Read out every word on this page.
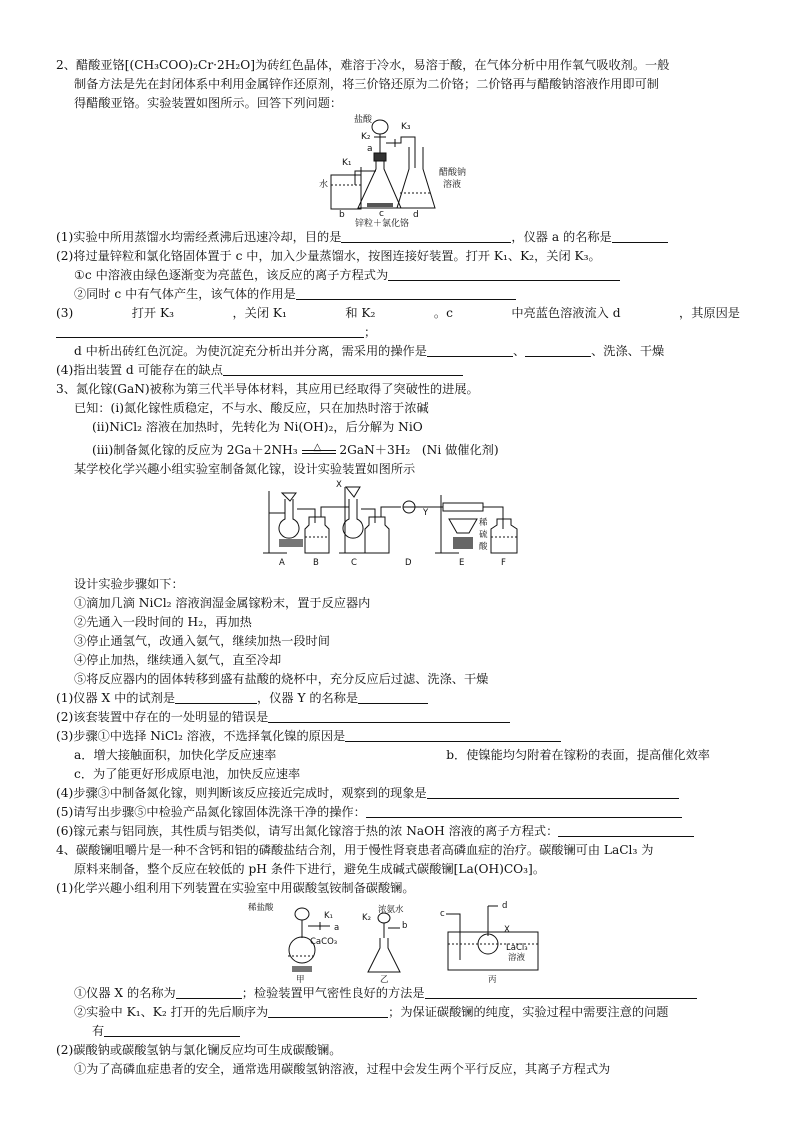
2、醋酸亚铬[(CH₃COO)₂Cr·2H₂O]为砖红色晶体，难溶于冷水，易溶于酸，在气体分析中用作氧气吸收剂。一般

制备方法是先在封闭体系中利用金属锌作还原剂，将三价铬还原为二价铬；二价铬再与醋酸钠溶液作用即可制

得醋酸亚铬。实验装置如图所示。回答下列问题：

盐酸
K₂
K₃
a
K₁
水
b	c
锌粒＋氯化铬
醋酸钠
溶液
d

(1)实验中所用蒸馏水均需经煮沸后迅速冷却，目的是	，仪器 a 的名称是

(2)将过量锌粒和氯化铬固体置于 c 中，加入少量蒸馏水，按图连接好装置。打开 K₁、K₂，关闭 K₃。

①c 中溶液由绿色逐渐变为亮蓝色，该反应的离子方程式为

②同时 c 中有气体产生，该气体的作用是

(3)	打开 K₃	，关闭 K₁	和 K₂	。c	中亮蓝色溶液流入 d	，其原因是

；

d 中析出砖红色沉淀。为使沉淀充分析出并分离，需采用的操作是	、	、洗涤、干燥

(4)指出装置 d 可能存在的缺点

3、氮化镓(GaN)被称为第三代半导体材料，其应用已经取得了突破性的进展。

已知：(ⅰ)氮化镓性质稳定，不与水、酸反应，只在加热时溶于浓碱

(ⅱ)NiCl₂ 溶液在加热时，先转化为 Ni(OH)₂，后分解为 NiO

(ⅲ)制备氮化镓的反应为 2Ga＋2NH₃ △ 2GaN＋3H₂ (Ni 做催化剂)

某学校化学兴趣小组实验室制备氮化镓，设计实验装置如图所示

A	B
X
C
Y
D	E
稀
硫
酸
F

设计实验步骤如下：

①滴加几滴 NiCl₂ 溶液润湿金属镓粉末，置于反应器内

②先通入一段时间的 H₂，再加热

③停止通氢气，改通入氨气，继续加热一段时间

④停止加热，继续通入氨气，直至冷却

⑤将反应器内的固体转移到盛有盐酸的烧杯中，充分反应后过滤、洗涤、干燥

(1)仪器 X 中的试剂是	，仪器 Y 的名称是

(2)该套装置中存在的一处明显的错误是

(3)步骤①中选择 NiCl₂ 溶液，不选择氧化镍的原因是

a．增大接触面积，加快化学反应速率	b．使镍能均匀附着在镓粉的表面，提高催化效率

c．为了能更好形成原电池，加快反应速率

(4)步骤③中制备氮化镓，则判断该反应接近完成时，观察到的现象是

(5)请写出步骤⑤中检验产品氮化镓固体洗涤干净的操作：

(6)镓元素与铝同族，其性质与铝类似，请写出氮化镓溶于热的浓 NaOH 溶液的离子方程式：

4、碳酸镧咀嚼片是一种不含钙和铝的磷酸盐结合剂，用于慢性肾衰患者高磷血症的治疗。碳酸镧可由 LaCl₃ 为

原料来制备，整个反应在较低的 pH 条件下进行，避免生成碱式碳酸镧[La(OH)CO₃]。

(1)化学兴趣小组利用下列装置在实验室中用碳酸氢铵制备碳酸镧。

稀盐酸
K₁
a
CaCO₃
甲
浓氨水
K₂
b
乙
c
d
X
LaCl₃
溶液
丙

①仪器 X 的名称为	；检验装置甲气密性良好的方法是

②实验中 K₁、K₂ 打开的先后顺序为	；为保证碳酸镧的纯度，实验过程中需要注意的问题

有

(2)碳酸钠或碳酸氢钠与氯化镧反应均可生成碳酸镧。

①为了高磷血症患者的安全，通常选用碳酸氢钠溶液，过程中会发生两个平行反应，其离子方程式为
